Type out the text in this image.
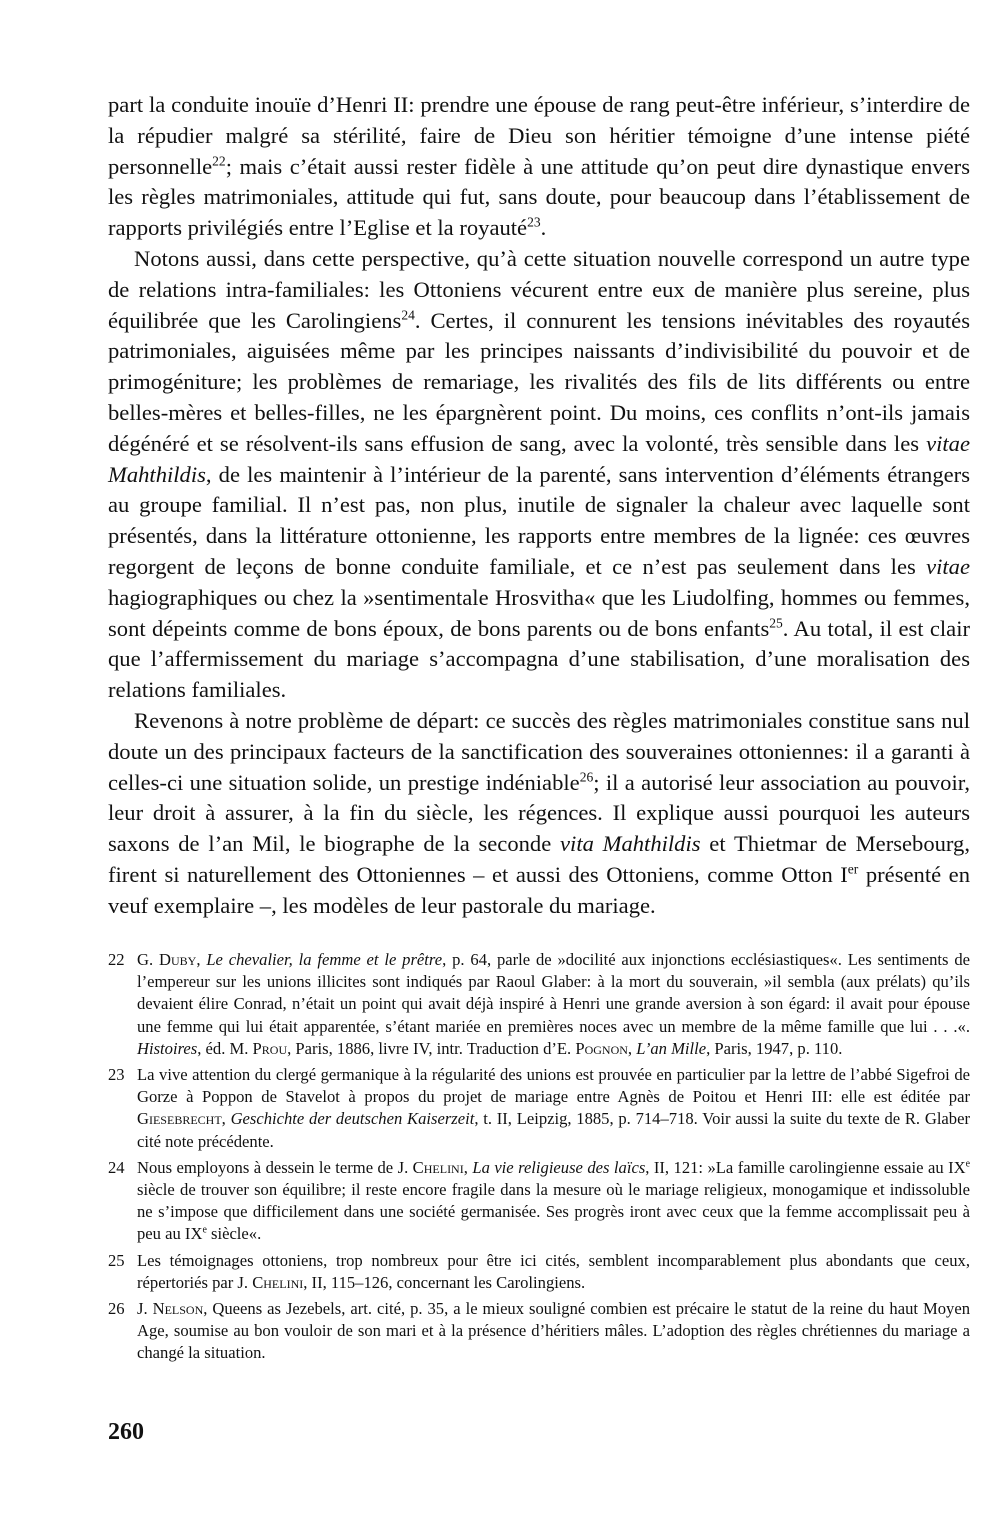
part la conduite inouïe d’Henri II: prendre une épouse de rang peut-être inférieur, s’interdire de la répudier malgré sa stérilité, faire de Dieu son héritier témoigne d’une intense piété personnelle$^{22}$; mais c’était aussi rester fidèle à une attitude qu’on peut dire dynastique envers les règles matrimoniales, attitude qui fut, sans doute, pour beaucoup dans l’établissement de rapports privilégiés entre l’Eglise et la royauté$^{23}$.

Notons aussi, dans cette perspective, qu’à cette situation nouvelle correspond un autre type de relations intra-familiales: les Ottoniens vécurent entre eux de manière plus sereine, plus équilibrée que les Carolingiens$^{24}$. Certes, il connurent les tensions inévitables des royautés patrimoniales, aiguisées même par les principes naissants d’indivisibilité du pouvoir et de primogéniture; les problèmes de remariage, les rivalités des fils de lits différents ou entre belles-mères et belles-filles, ne les épargnèrent point. Du moins, ces conflits n’ont-ils jamais dégénéré et se résolvent-ils sans effusion de sang, avec la volonté, très sensible dans les vitae Mahthildis, de les maintenir à l’intérieur de la parenté, sans intervention d’éléments étrangers au groupe familial. Il n’est pas, non plus, inutile de signaler la chaleur avec laquelle sont présentés, dans la littérature ottonienne, les rapports entre membres de la lignée: ces œuvres regorgent de leçons de bonne conduite familiale, et ce n’est pas seulement dans les vitae hagiographiques ou chez la »sentimentale Hrosvitha« que les Liudolfing, hommes ou femmes, sont dépeints comme de bons époux, de bons parents ou de bons enfants$^{25}$. Au total, il est clair que l’affermissement du mariage s’accompagna d’une stabilisation, d’une moralisation des relations familiales.

Revenons à notre problème de départ: ce succès des règles matrimoniales constitue sans nul doute un des principaux facteurs de la sanctification des souveraines ottoniennes: il a garanti à celles-ci une situation solide, un prestige indéniable$^{26}$; il a autorisé leur association au pouvoir, leur droit à assurer, à la fin du siècle, les régences. Il explique aussi pourquoi les auteurs saxons de l’an Mil, le biographe de la seconde vita Mahthildis et Thietmar de Mersebourg, firent si naturellement des Ottoniennes – et aussi des Ottoniens, comme Otton Ier présenté en veuf exemplaire –, les modèles de leur pastorale du mariage.

22 G. Duby, Le chevalier, la femme et le prêtre, p. 64, parle de »docilité aux injonctions ecclésiastiques«. Les sentiments de l’empereur sur les unions illicites sont indiqués par Raoul Glaber: à la mort du souverain, »il sembla (aux prélats) qu’ils devaient élire Conrad, n’était un point qui avait déjà inspiré à Henri une grande aversion à son égard: il avait pour épouse une femme qui lui était apparentée, s’étant mariée en premières noces avec un membre de la même famille que lui . . .«. Histoires, éd. M. Prou, Paris, 1886, livre IV, intr. Traduction d’E. Pognon, L’an Mille, Paris, 1947, p. 110.
23 La vive attention du clergé germanique à la régularité des unions est prouvée en particulier par la lettre de l’abbé Sigefroi de Gorze à Poppon de Stavelot à propos du projet de mariage entre Agnès de Poitou et Henri III: elle est éditée par Giesebrecht, Geschichte der deutschen Kaiserzeit, t. II, Leipzig, 1885, p. 714–718. Voir aussi la suite du texte de R. Glaber cité note précédente.
24 Nous employons à dessein le terme de J. Chelini, La vie religieuse des laïcs, II, 121: »La famille carolingienne essaie au IXe siècle de trouver son équilibre; il reste encore fragile dans la mesure où le mariage religieux, monogamique et indissoluble ne s’impose que difficilement dans une société germanisée. Ses progrès iront avec ceux que la femme accomplissait peu à peu au IXe siècle«.
25 Les témoignages ottoniens, trop nombreux pour être ici cités, semblent incomparablement plus abondants que ceux, répertoriés par J. Chelini, II, 115–126, concernant les Carolingiens.
26 J. Nelson, Queens as Jezebels, art. cité, p. 35, a le mieux souligné combien est précaire le statut de la reine du haut Moyen Age, soumise au bon vouloir de son mari et à la présence d’héritiers mâles. L’adoption des règles chrétiennes du mariage a changé la situation.
260
